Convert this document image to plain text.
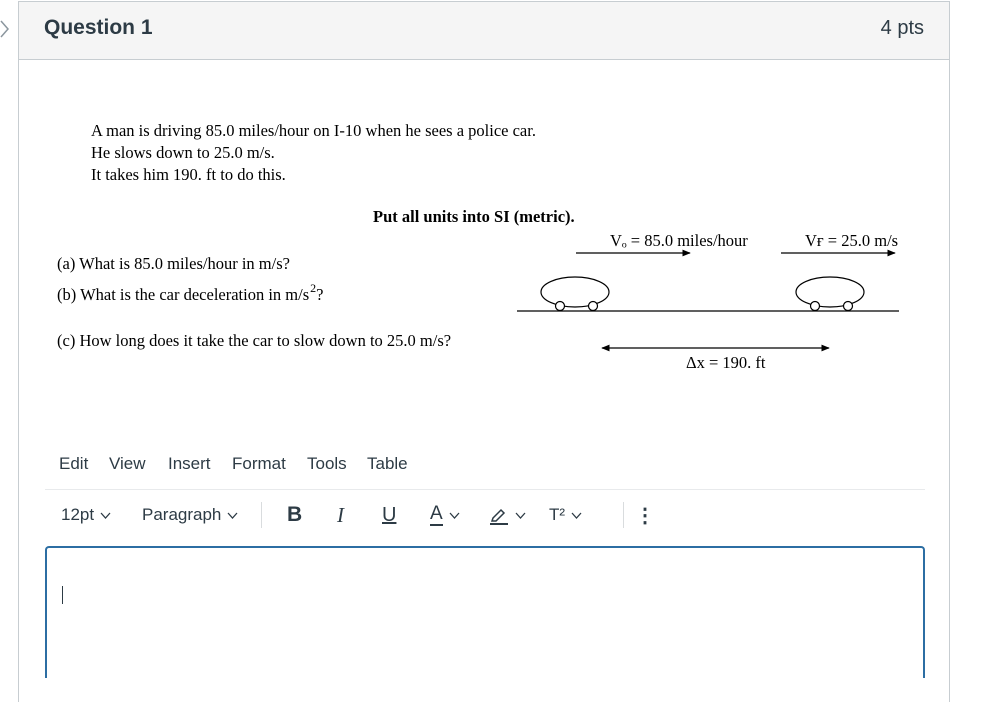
Question 1	4 pts
A man is driving 85.0 miles/hour on I-10 when he sees a police car.
He slows down to 25.0 m/s.
It takes him 190. ft to do this.
Put all units into SI (metric).
(a) What is 85.0 miles/hour in m/s?
(b) What is the car deceleration in $m/s^2$?
(c) How long does it take the car to slow down to 25.0 m/s?
Vₒ = 85.0 miles/hour	Vғ = 25.0 m/s
Δx = 190. ft
Edit View Insert Format Tools Table
12pt	Paragraph	B I U A	T²	⋮
